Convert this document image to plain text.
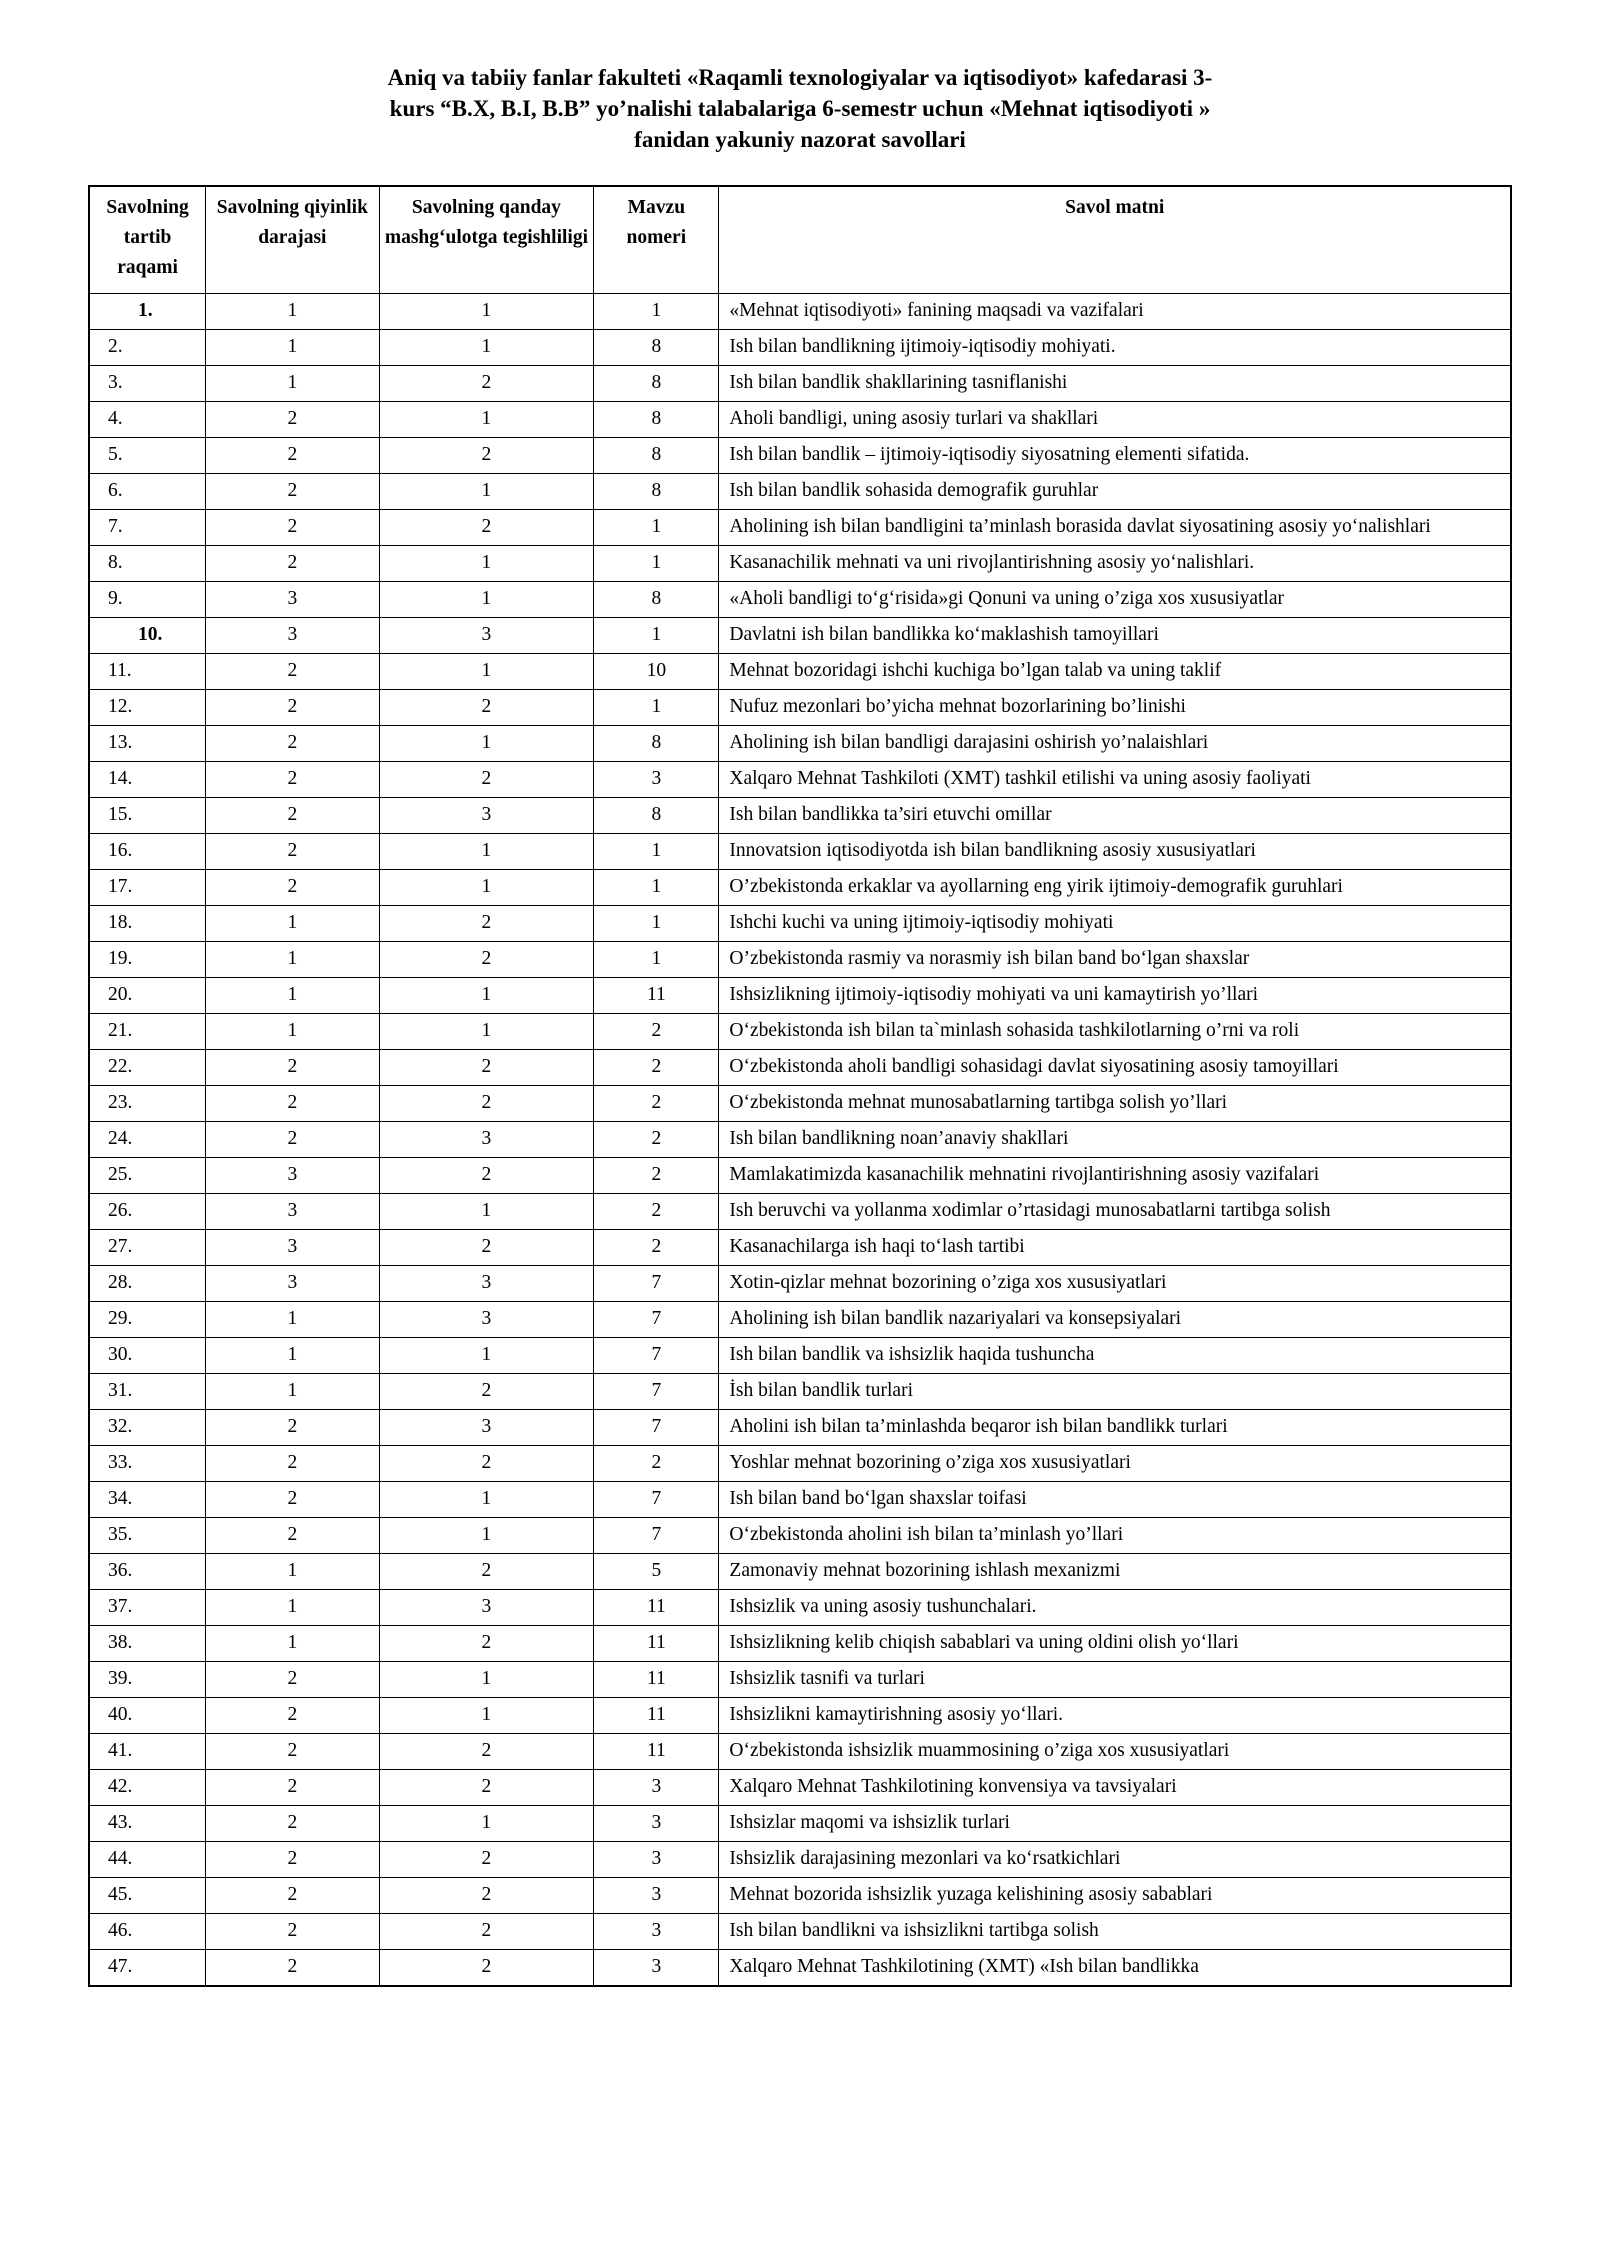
Aniq va tabiiy fanlar fakulteti «Raqamli texnologiyalar va iqtisodiyot» kafedarasi 3-
kurs “B.X, B.I, B.B” yo’nalishi talabalariga 6-semestr uchun «Mehnat iqtisodiyoti »
fanidan yakuniy nazorat savollari
Savolning tartib raqami	Savolning qiyinlik darajasi	Savolning qanday mashgʻulotga tegishliligi	Mavzu nomeri	Savol matni
1.	1	1	1	«Mehnat iqtisodiyoti» fanining maqsadi va vazifalari
2.	1	1	8	Ish bilan bandlikning ijtimoiy-iqtisodiy mohiyati.
3.	1	2	8	Ish bilan bandlik shakllarining tasniflanishi
4.	2	1	8	Aholi bandligi, uning asosiy turlari va shakllari
5.	2	2	8	Ish bilan bandlik – ijtimoiy-iqtisodiy siyosatning elementi sifatida.
6.	2	1	8	Ish bilan bandlik sohasida demografik guruhlar
7.	2	2	1	Aholining ish bilan bandligini ta’minlash borasida davlat siyosatining asosiy yoʻnalishlari
8.	2	1	1	Kasanachilik mehnati va uni rivojlantirishning asosiy yoʻnalishlari.
9.	3	1	8	«Aholi bandligi toʻgʻrisida»gi Qonuni va uning o’ziga xos xususiyatlar
10.	3	3	1	Davlatni ish bilan bandlikka koʻmaklashish tamoyillari
11.	2	1	10	Mehnat bozoridagi ishchi kuchiga bo’lgan talab va uning taklif
12.	2	2	1	Nufuz mezonlari bo’yicha mehnat bozorlarining bo’linishi
13.	2	1	8	Aholining ish bilan bandligi darajasini oshirish yo’nalaishlari
14.	2	2	3	Xalqaro Mehnat Tashkiloti (XMT) tashkil etilishi va uning asosiy faoliyati
15.	2	3	8	Ish bilan bandlikka ta’siri etuvchi omillar
16.	2	1	1	Innovatsion iqtisodiyotda ish bilan bandlikning asosiy xususiyatlari
17.	2	1	1	O’zbekistonda erkaklar va ayollarning eng yirik ijtimoiy-demografik guruhlari
18.	1	2	1	Ishchi kuchi va uning ijtimoiy-iqtisodiy mohiyati
19.	1	2	1	O’zbekistonda rasmiy va norasmiy ish bilan band boʻlgan shaxslar
20.	1	1	11	Ishsizlikning ijtimoiy-iqtisodiy mohiyati va uni kamaytirish yo’llari
21.	1	1	2	Oʻzbekistonda ish bilan ta`minlash sohasida tashkilotlarning o’rni va roli
22.	2	2	2	Oʻzbekistonda aholi bandligi sohasidagi davlat siyosatining asosiy tamoyillari
23.	2	2	2	Oʻzbekistonda mehnat munosabatlarning tartibga solish yo’llari
24.	2	3	2	Ish bilan bandlikning noan’anaviy shakllari
25.	3	2	2	Mamlakatimizda kasanachilik mehnatini rivojlantirishning asosiy vazifalari
26.	3	1	2	Ish beruvchi va yollanma xodimlar o’rtasidagi munosabatlarni tartibga solish
27.	3	2	2	Kasanachilarga ish haqi toʻlash tartibi
28.	3	3	7	Xotin-qizlar mehnat bozorining o’ziga xos xususiyatlari
29.	1	3	7	Aholining ish bilan bandlik nazariyalari va konsepsiyalari
30.	1	1	7	Ish bilan bandlik va ishsizlik haqida tushuncha
31.	1	2	7	İsh bilan bandlik turlari
32.	2	3	7	Aholini ish bilan ta’minlashda beqaror ish bilan bandlikk turlari
33.	2	2	2	Yoshlar mehnat bozorining o’ziga xos xususiyatlari
34.	2	1	7	Ish bilan band boʻlgan shaxslar toifasi
35.	2	1	7	Oʻzbekistonda aholini ish bilan ta’minlash yo’llari
36.	1	2	5	Zamonaviy mehnat bozorining ishlash mexanizmi
37.	1	3	11	Ishsizlik va uning asosiy tushunchalari.
38.	1	2	11	Ishsizlikning kelib chiqish sabablari va uning oldini olish yoʻllari
39.	2	1	11	Ishsizlik tasnifi va turlari
40.	2	1	11	Ishsizlikni kamaytirishning asosiy yoʻllari.
41.	2	2	11	Oʻzbekistonda ishsizlik muammosining o’ziga xos xususiyatlari
42.	2	2	3	Xalqaro Mehnat Tashkilotining konvensiya va tavsiyalari
43.	2	1	3	Ishsizlar maqomi va ishsizlik turlari
44.	2	2	3	Ishsizlik darajasining mezonlari va koʻrsatkichlari
45.	2	2	3	Mehnat bozorida ishsizlik yuzaga kelishining asosiy sabablari
46.	2	2	3	Ish bilan bandlikni va ishsizlikni tartibga solish
47.	2	2	3	Xalqaro Mehnat Tashkilotining (XMT) «Ish bilan bandlikka
